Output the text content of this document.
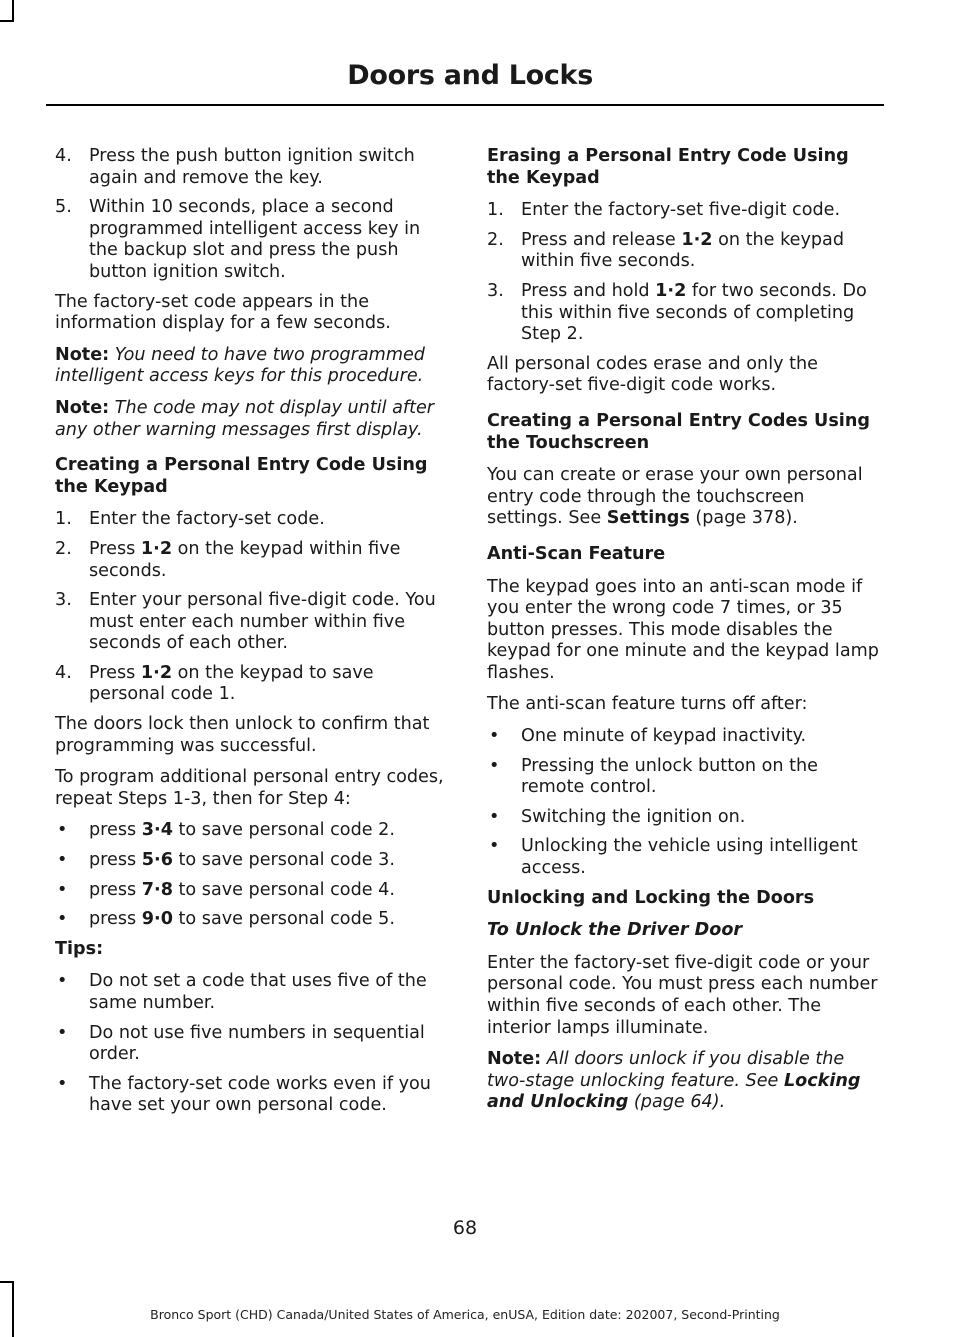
Doors and Locks
4. Press the push button ignition switch again and remove the key.
5. Within 10 seconds, place a second programmed intelligent access key in the backup slot and press the push button ignition switch.

The factory-set code appears in the information display for a few seconds.

Note: You need to have two programmed intelligent access keys for this procedure.

Note: The code may not display until after any other warning messages first display.

Creating a Personal Entry Code Using the Keypad
1. Enter the factory-set code.
2. Press 1·2 on the keypad within five seconds.
3. Enter your personal five-digit code. You must enter each number within five seconds of each other.
4. Press 1·2 on the keypad to save personal code 1.

The doors lock then unlock to confirm that programming was successful.

To program additional personal entry codes, repeat Steps 1-3, then for Step 4:

• press 3·4 to save personal code 2.
• press 5·6 to save personal code 3.
• press 7·8 to save personal code 4.
• press 9·0 to save personal code 5.
Tips:
• Do not set a code that uses five of the same number.
• Do not use five numbers in sequential order.
• The factory-set code works even if you have set your own personal code.
Erasing a Personal Entry Code Using the Keypad
1. Enter the factory-set five-digit code.
2. Press and release 1·2 on the keypad within five seconds.
3. Press and hold 1·2 for two seconds. Do this within five seconds of completing Step 2.

All personal codes erase and only the factory-set five-digit code works.

Creating a Personal Entry Codes Using the Touchscreen

You can create or erase your own personal entry code through the touchscreen settings. See Settings (page 378).

Anti-Scan Feature

The keypad goes into an anti-scan mode if you enter the wrong code 7 times, or 35 button presses. This mode disables the keypad for one minute and the keypad lamp flashes.

The anti-scan feature turns off after:

• One minute of keypad inactivity.
• Pressing the unlock button on the remote control.
• Switching the ignition on.
• Unlocking the vehicle using intelligent access.
Unlocking and Locking the Doors
To Unlock the Driver Door

Enter the factory-set five-digit code or your personal code. You must press each number within five seconds of each other. The interior lamps illuminate.

Note: All doors unlock if you disable the two-stage unlocking feature. See Locking and Unlocking (page 64).

68
Bronco Sport (CHD) Canada/United States of America, enUSA, Edition date: 202007, Second-Printing
